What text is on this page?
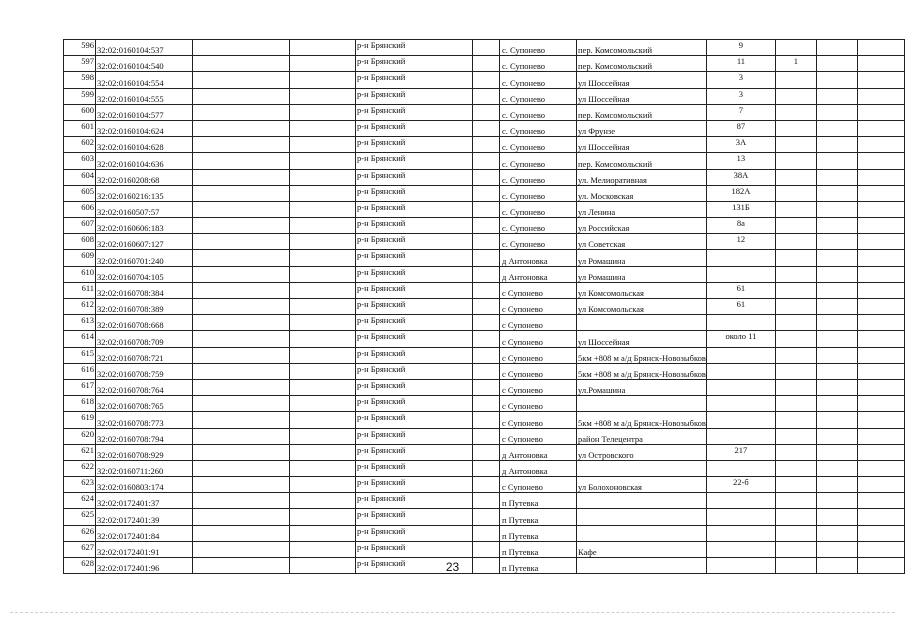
596	32:02:0160104:537			р-н Брянский		с. Супонево	пер. Комсомольский	9			
597	32:02:0160104:540			р-н Брянский		с. Супонево	пер. Комсомольский	11	1		
598	32:02:0160104:554			р-н Брянский		с. Супонево	ул Шоссейная	3			
599	32:02:0160104:555			р-н Брянский		с. Супонево	ул Шоссейная	3			
600	32:02:0160104:577			р-н Брянский		с. Супонево	пер. Комсомольский	7			
601	32:02:0160104:624			р-н Брянский		с. Супонево	ул Фрунзе	87			
602	32:02:0160104:628			р-н Брянский		с. Супонево	ул Шоссейная	3А			
603	32:02:0160104:636			р-н Брянский		с. Супонево	пер. Комсомольский	13			
604	32:02:0160208:68			р-н Брянский		с. Супонево	ул. Мелиоративная	38А			
605	32:02:0160216:135			р-н Брянский		с. Супонево	ул. Московская	182А			
606	32:02:0160507:57			р-н Брянский		с. Супонево	ул Ленина	131Б			
607	32:02:0160606:183			р-н Брянский		с. Супонево	ул Российская	8а			
608	32:02:0160607:127			р-н Брянский		с. Супонево	ул Советская	12			
609	32:02:0160701:240			р-н Брянский		д Антоновка	ул Ромашина				
610	32:02:0160704:105			р-н Брянский		д Антоновка	ул Ромашина				
611	32:02:0160708:384			р-н Брянский		с Супонево	ул Комсомольская	61			
612	32:02:0160708:389			р-н Брянский		с Супонево	ул Комсомольская	61			
613	32:02:0160708:668			р-н Брянский		с Супонево					
614	32:02:0160708:709			р-н Брянский		с Супонево	ул Шоссейная	около 11			
615	32:02:0160708:721			р-н Брянский		с Супонево	5км +808 м а/д Брянск-Новозыбков				
616	32:02:0160708:759			р-н Брянский		с Супонево	5км +808 м а/д Брянск-Новозыбков				
617	32:02:0160708:764			р-н Брянский		с Супонево	ул.Ромашина				
618	32:02:0160708:765			р-н Брянский		с Супонево					
619	32:02:0160708:773			р-н Брянский		с Супонево	5км +808 м а/д Брянск-Новозыбков				
620	32:02:0160708:794			р-н Брянский		с Супонево	район Телецентра				
621	32:02:0160708:929			р-н Брянский		д Антоновка	ул Островского	217			
622	32:02:0160711:260			р-н Брянский		д Антоновка					
623	32:02:0160803:174			р-н Брянский		с Супонево	ул Болохоновская	22-б			
624	32:02:0172401:37			р-н Брянский		п Путевка					
625	32:02:0172401:39			р-н Брянский		п Путевка					
626	32:02:0172401:84			р-н Брянский		п Путевка					
627	32:02:0172401:91			р-н Брянский		п Путевка	Кафе				
628	32:02:0172401:96			р-н Брянский		п Путевка					
23
